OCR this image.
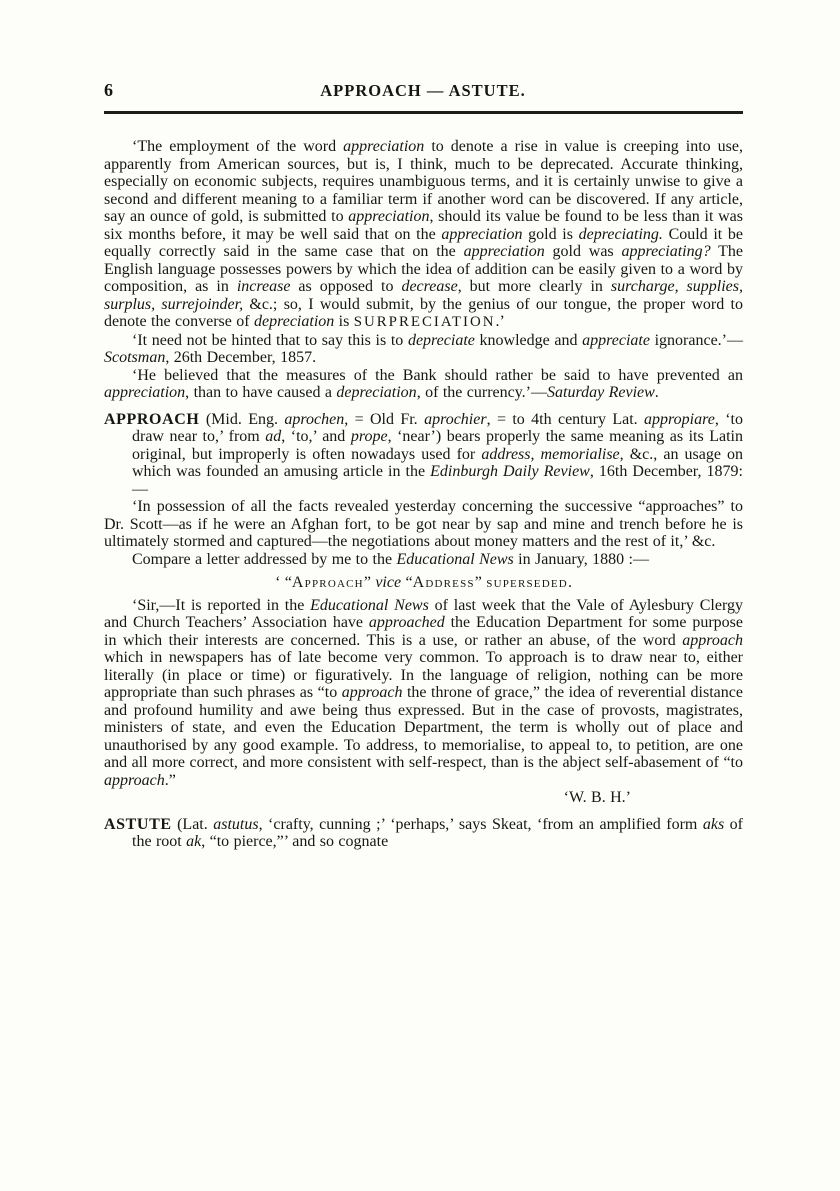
6	APPROACH — ASTUTE.

‘The employment of the word appreciation to denote a rise in value is creeping into use, apparently from American sources, but is, I think, much to be deprecated. Accurate thinking, especially on economic subjects, requires unambiguous terms, and it is certainly unwise to give a second and different meaning to a familiar term if another word can be discovered. If any article, say an ounce of gold, is submitted to appreciation, should its value be found to be less than it was six months before, it may be well said that on the appreciation gold is depreciating. Could it be equally correctly said in the same case that on the appreciation gold was appreciating? The English language possesses powers by which the idea of addition can be easily given to a word by composition, as in increase as opposed to decrease, but more clearly in surcharge, supplies, surplus, surrejoinder, &c.; so, I would submit, by the genius of our tongue, the proper word to denote the converse of depreciation is SURPRECIATION.’

‘It need not be hinted that to say this is to depreciate knowledge and appreciate ignorance.’—Scotsman, 26th December, 1857.

‘He believed that the measures of the Bank should rather be said to have prevented an appreciation, than to have caused a depreciation, of the currency.’—Saturday Review.

APPROACH (Mid. Eng. aprochen, = Old Fr. aprochier, = to 4th century Lat. appropiare, ‘to draw near to,’ from ad, ‘to,’ and prope, ‘near’) bears properly the same meaning as its Latin original, but improperly is often nowadays used for address, memorialise, &c., an usage on which was founded an amusing article in the Edinburgh Daily Review, 16th December, 1879:—

‘In possession of all the facts revealed yesterday concerning the successive “approaches” to Dr. Scott—as if he were an Afghan fort, to be got near by sap and mine and trench before he is ultimately stormed and captured—the negotiations about money matters and the rest of it,’ &c.

Compare a letter addressed by me to the Educational News in January, 1880 :—

‘ “Approach” vice “Address” superseded.

‘Sir,—It is reported in the Educational News of last week that the Vale of Aylesbury Clergy and Church Teachers’ Association have approached the Education Department for some purpose in which their interests are concerned. This is a use, or rather an abuse, of the word approach which in newspapers has of late become very common. To approach is to draw near to, either literally (in place or time) or figuratively. In the language of religion, nothing can be more appropriate than such phrases as “to approach the throne of grace,” the idea of reverential distance and profound humility and awe being thus expressed. But in the case of provosts, magistrates, ministers of state, and even the Education Department, the term is wholly out of place and unauthorised by any good example. To address, to memorialise, to appeal to, to petition, are one and all more correct, and more consistent with self-respect, than is the abject self-abasement of “to approach.”

‘W. B. H.’

ASTUTE (Lat. astutus, ‘crafty, cunning ;’ ‘perhaps,’ says Skeat, ‘from an amplified form aks of the root ak, “to pierce,”’ and so cognate
